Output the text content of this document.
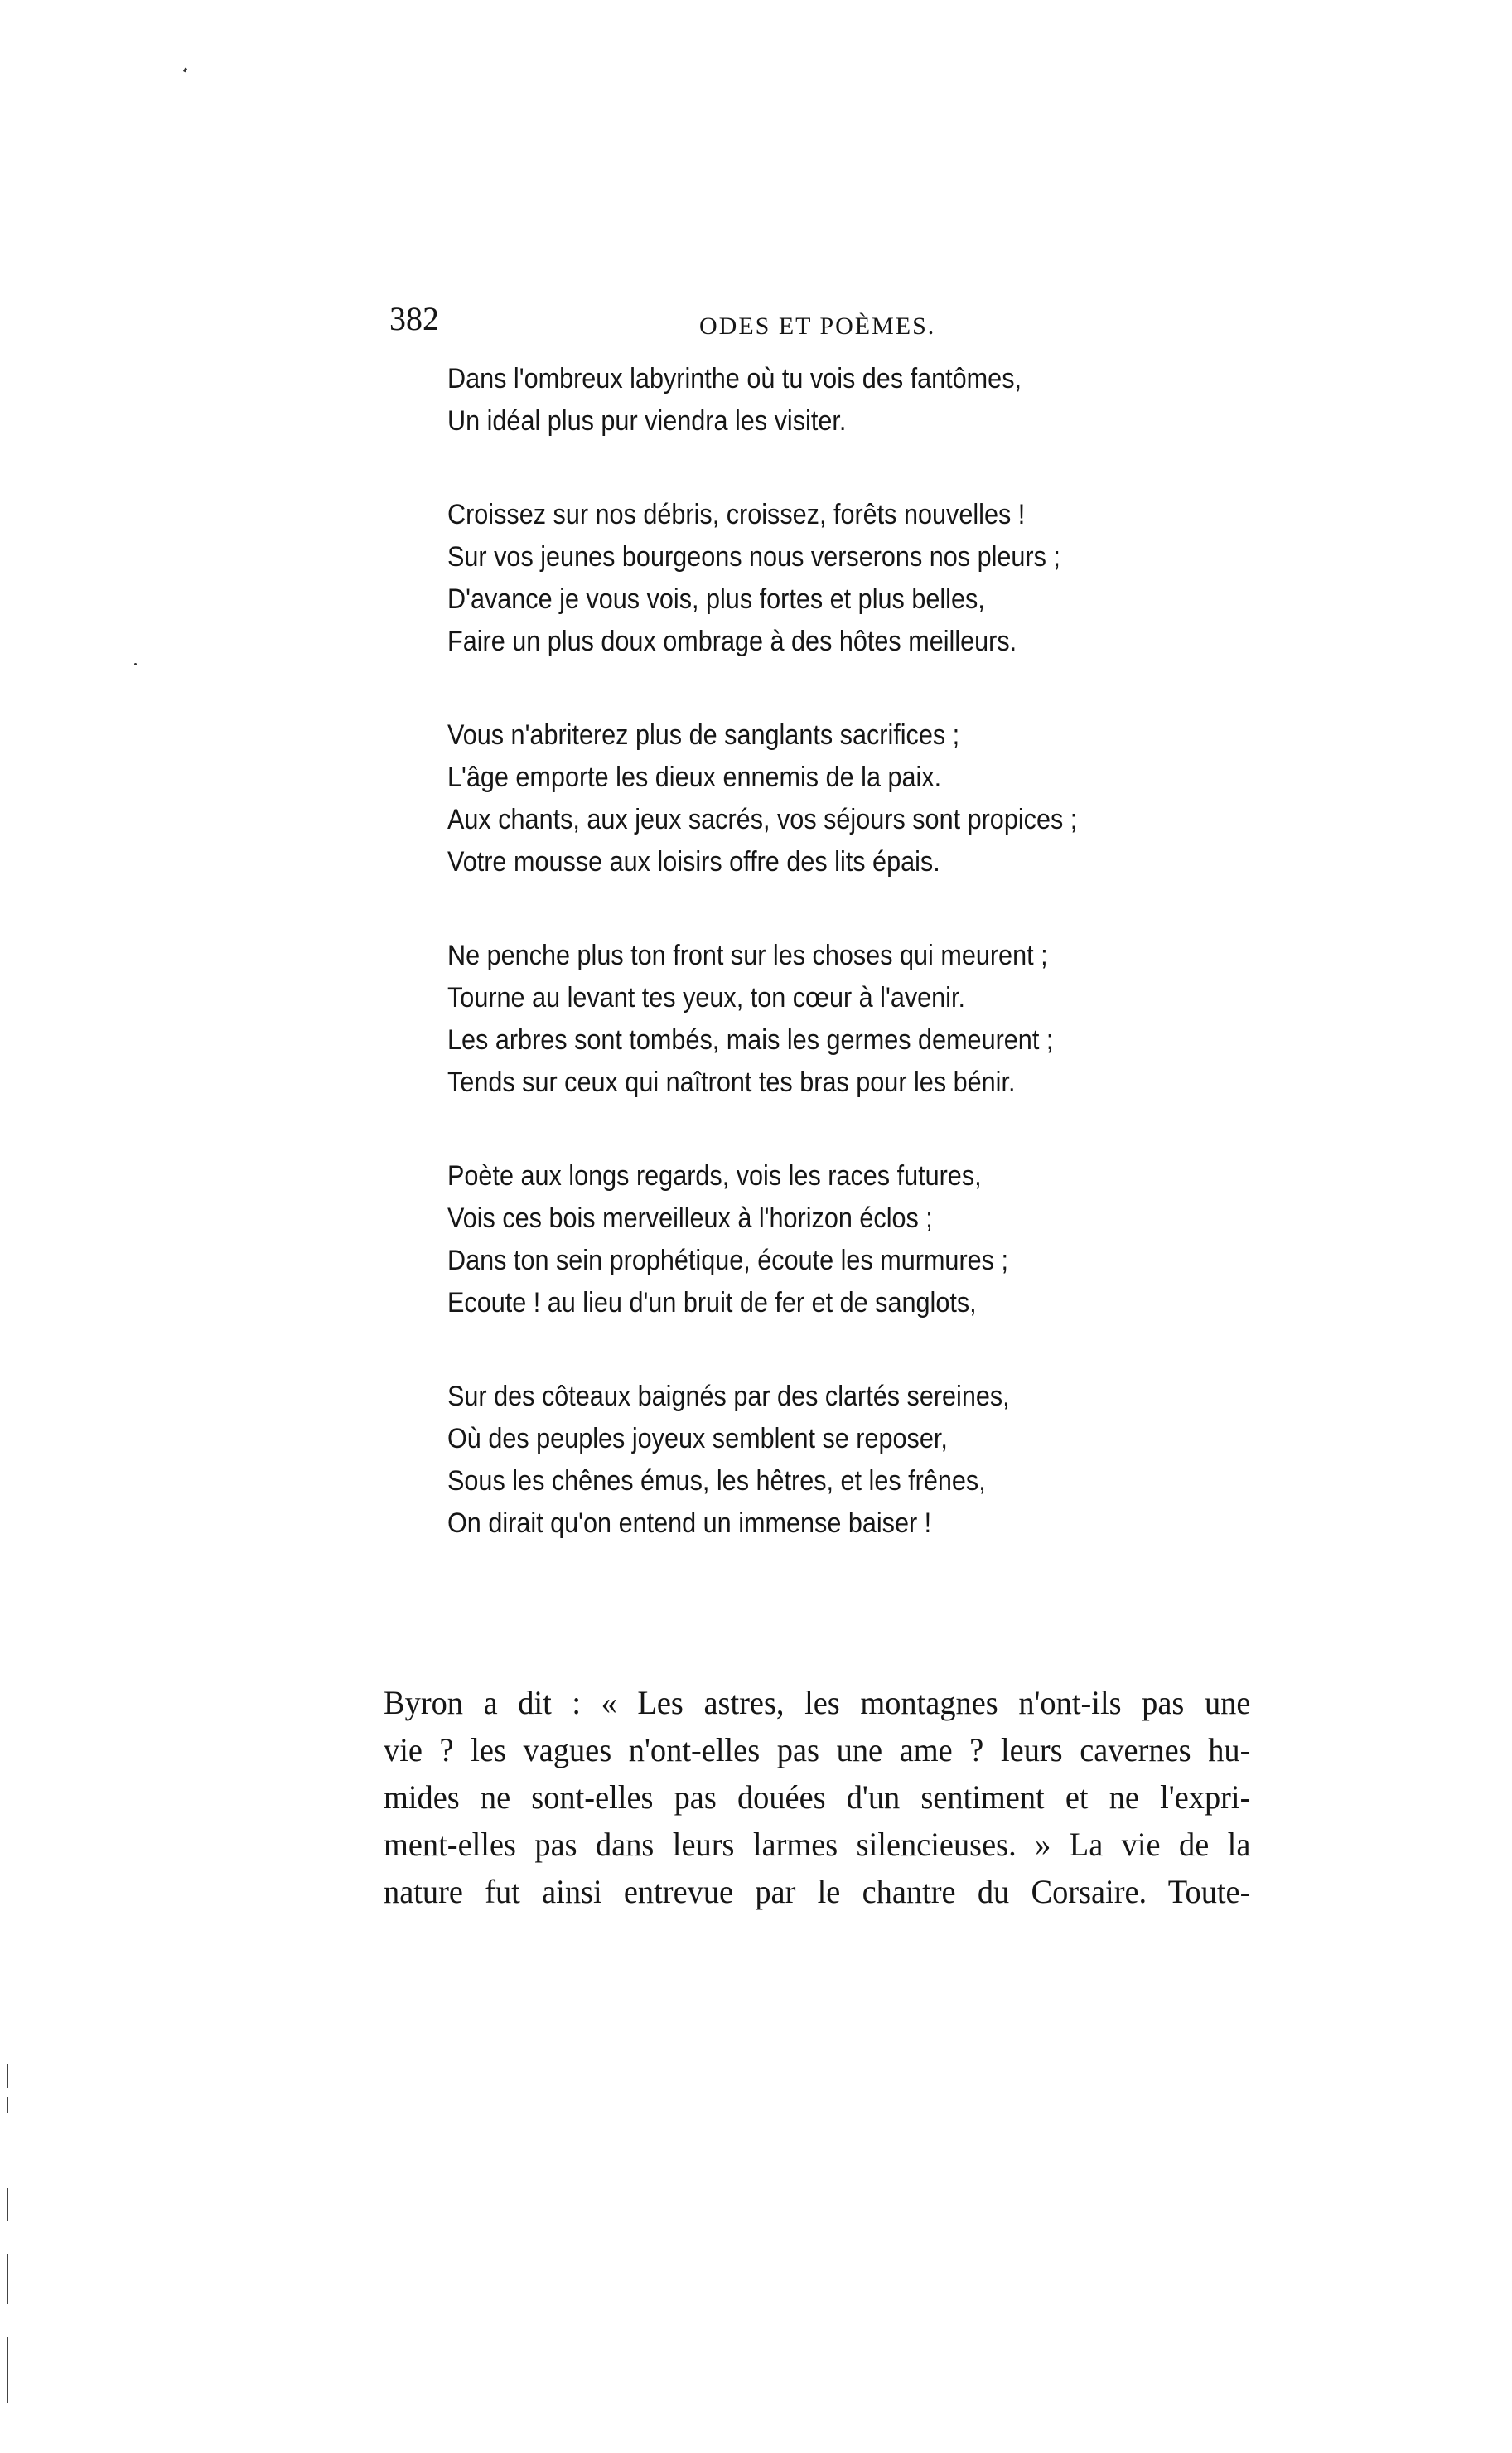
382	ODES ET POÈMES.
Dans l'ombreux labyrinthe où tu vois des fantômes,
Un idéal plus pur viendra les visiter.
Croissez sur nos débris, croissez, forêts nouvelles !
Sur vos jeunes bourgeons nous verserons nos pleurs ;
D'avance je vous vois, plus fortes et plus belles,
Faire un plus doux ombrage à des hôtes meilleurs.
Vous n'abriterez plus de sanglants sacrifices ;
L'âge emporte les dieux ennemis de la paix.
Aux chants, aux jeux sacrés, vos séjours sont propices ;
Votre mousse aux loisirs offre des lits épais.
Ne penche plus ton front sur les choses qui meurent ;
Tourne au levant tes yeux, ton cœur à l'avenir.
Les arbres sont tombés, mais les germes demeurent ;
Tends sur ceux qui naîtront tes bras pour les bénir.
Poète aux longs regards, vois les races futures,
Vois ces bois merveilleux à l'horizon éclos ;
Dans ton sein prophétique, écoute les murmures ;
Ecoute ! au lieu d'un bruit de fer et de sanglots,
Sur des côteaux baignés par des clartés sereines,
Où des peuples joyeux semblent se reposer,
Sous les chênes émus, les hêtres, et les frênes,
On dirait qu'on entend un immense baiser !
Byron a dit : « Les astres, les montagnes n'ont-ils pas une
vie ? les vagues n'ont-elles pas une ame ? leurs cavernes hu-
mides ne sont-elles pas douées d'un sentiment et ne l'expri-
ment-elles pas dans leurs larmes silencieuses. » La vie de la
nature fut ainsi entrevue par le chantre du Corsaire. Toute-
